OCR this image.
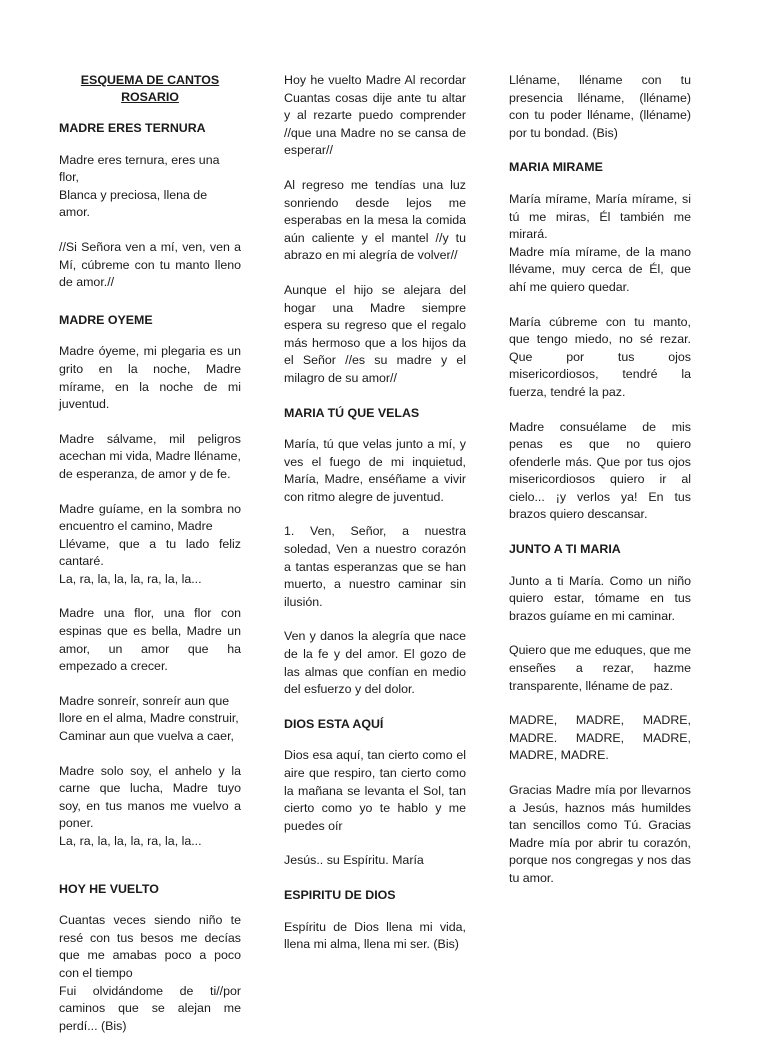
ESQUEMA DE CANTOS
ROSARIO
MADRE ERES TERNURA
Madre eres ternura, eres una flor,
Blanca y preciosa, llena de amor.
//Si Señora ven a mí, ven, ven a Mí, cúbreme con tu manto lleno de amor.//
MADRE OYEME
Madre óyeme, mi plegaria es un grito en la noche, Madre mírame, en la noche de mi juventud.
Madre sálvame, mil peligros acechan mi vida, Madre lléname, de esperanza, de amor y de fe.
Madre guíame, en la sombra no encuentro el camino, Madre
Llévame, que a tu lado feliz cantaré.
La, ra, la, la, la, ra, la, la...
Madre una flor, una flor con espinas que es bella, Madre un amor, un amor que ha empezado a crecer.
Madre sonreír, sonreír aun que llore en el alma, Madre construir,
Caminar aun que vuelva a caer,
Madre solo soy, el anhelo y la carne que lucha, Madre tuyo soy, en tus manos me vuelvo a poner.
La, ra, la, la, la, ra, la, la...
HOY HE VUELTO
Cuantas veces siendo niño te resé con tus besos me decías que me amabas poco a poco con el tiempo
Fui olvidándome de ti//por caminos que se alejan me perdí... (Bis)
Hoy he vuelto Madre Al recordar Cuantas cosas dije ante tu altar y al rezarte puedo comprender //que una Madre no se cansa de esperar//
Al regreso me tendías una luz sonriendo desde lejos me esperabas en la mesa la comida aún caliente y el mantel //y tu abrazo en mi alegría de volver//
Aunque el hijo se alejara del hogar una Madre siempre espera su regreso que el regalo más hermoso que a los hijos da el Señor //es su madre y el milagro de su amor//
MARIA TÚ QUE VELAS
María, tú que velas junto a mí, y ves el fuego de mi inquietud, María, Madre, enséñame a vivir con ritmo alegre de juventud.
1. Ven, Señor, a nuestra soledad, Ven a nuestro corazón a tantas esperanzas que se han muerto, a nuestro caminar sin ilusión.
Ven y danos la alegría que nace de la fe y del amor. El gozo de las almas que confían en medio del esfuerzo y del dolor.
DIOS ESTA AQUÍ
Dios esa aquí, tan cierto como el aire que respiro, tan cierto como la mañana se levanta el Sol, tan cierto como yo te hablo y me puedes oír
Jesús.. su Espíritu. María
ESPIRITU DE DIOS
Espíritu de Dios llena mi vida, llena mi alma, llena mi ser. (Bis)
Lléname, lléname con tu presencia lléname, (lléname) con tu poder lléname, (lléname) por tu bondad. (Bis)
MARIA MIRAME
María mírame, María mírame, si tú me miras, Él también me mirará.
Madre mía mírame, de la mano llévame, muy cerca de Él, que ahí me quiero quedar.
María cúbreme con tu manto, que tengo miedo, no sé rezar. Que por tus ojos misericordiosos, tendré la fuerza, tendré la paz.
Madre consuélame de mis penas es que no quiero ofenderle más. Que por tus ojos misericordiosos quiero ir al cielo... ¡y verlos ya! En tus brazos quiero descansar.
JUNTO A TI MARIA
Junto a ti María. Como un niño quiero estar, tómame en tus brazos guíame en mi caminar.
Quiero que me eduques, que me enseñes a rezar, hazme transparente, lléname de paz.
MADRE, MADRE, MADRE, MADRE. MADRE, MADRE, MADRE, MADRE.
Gracias Madre mía por llevarnos a Jesús, haznos más humildes tan sencillos como Tú. Gracias Madre mía por abrir tu corazón, porque nos congregas y nos das tu amor.
